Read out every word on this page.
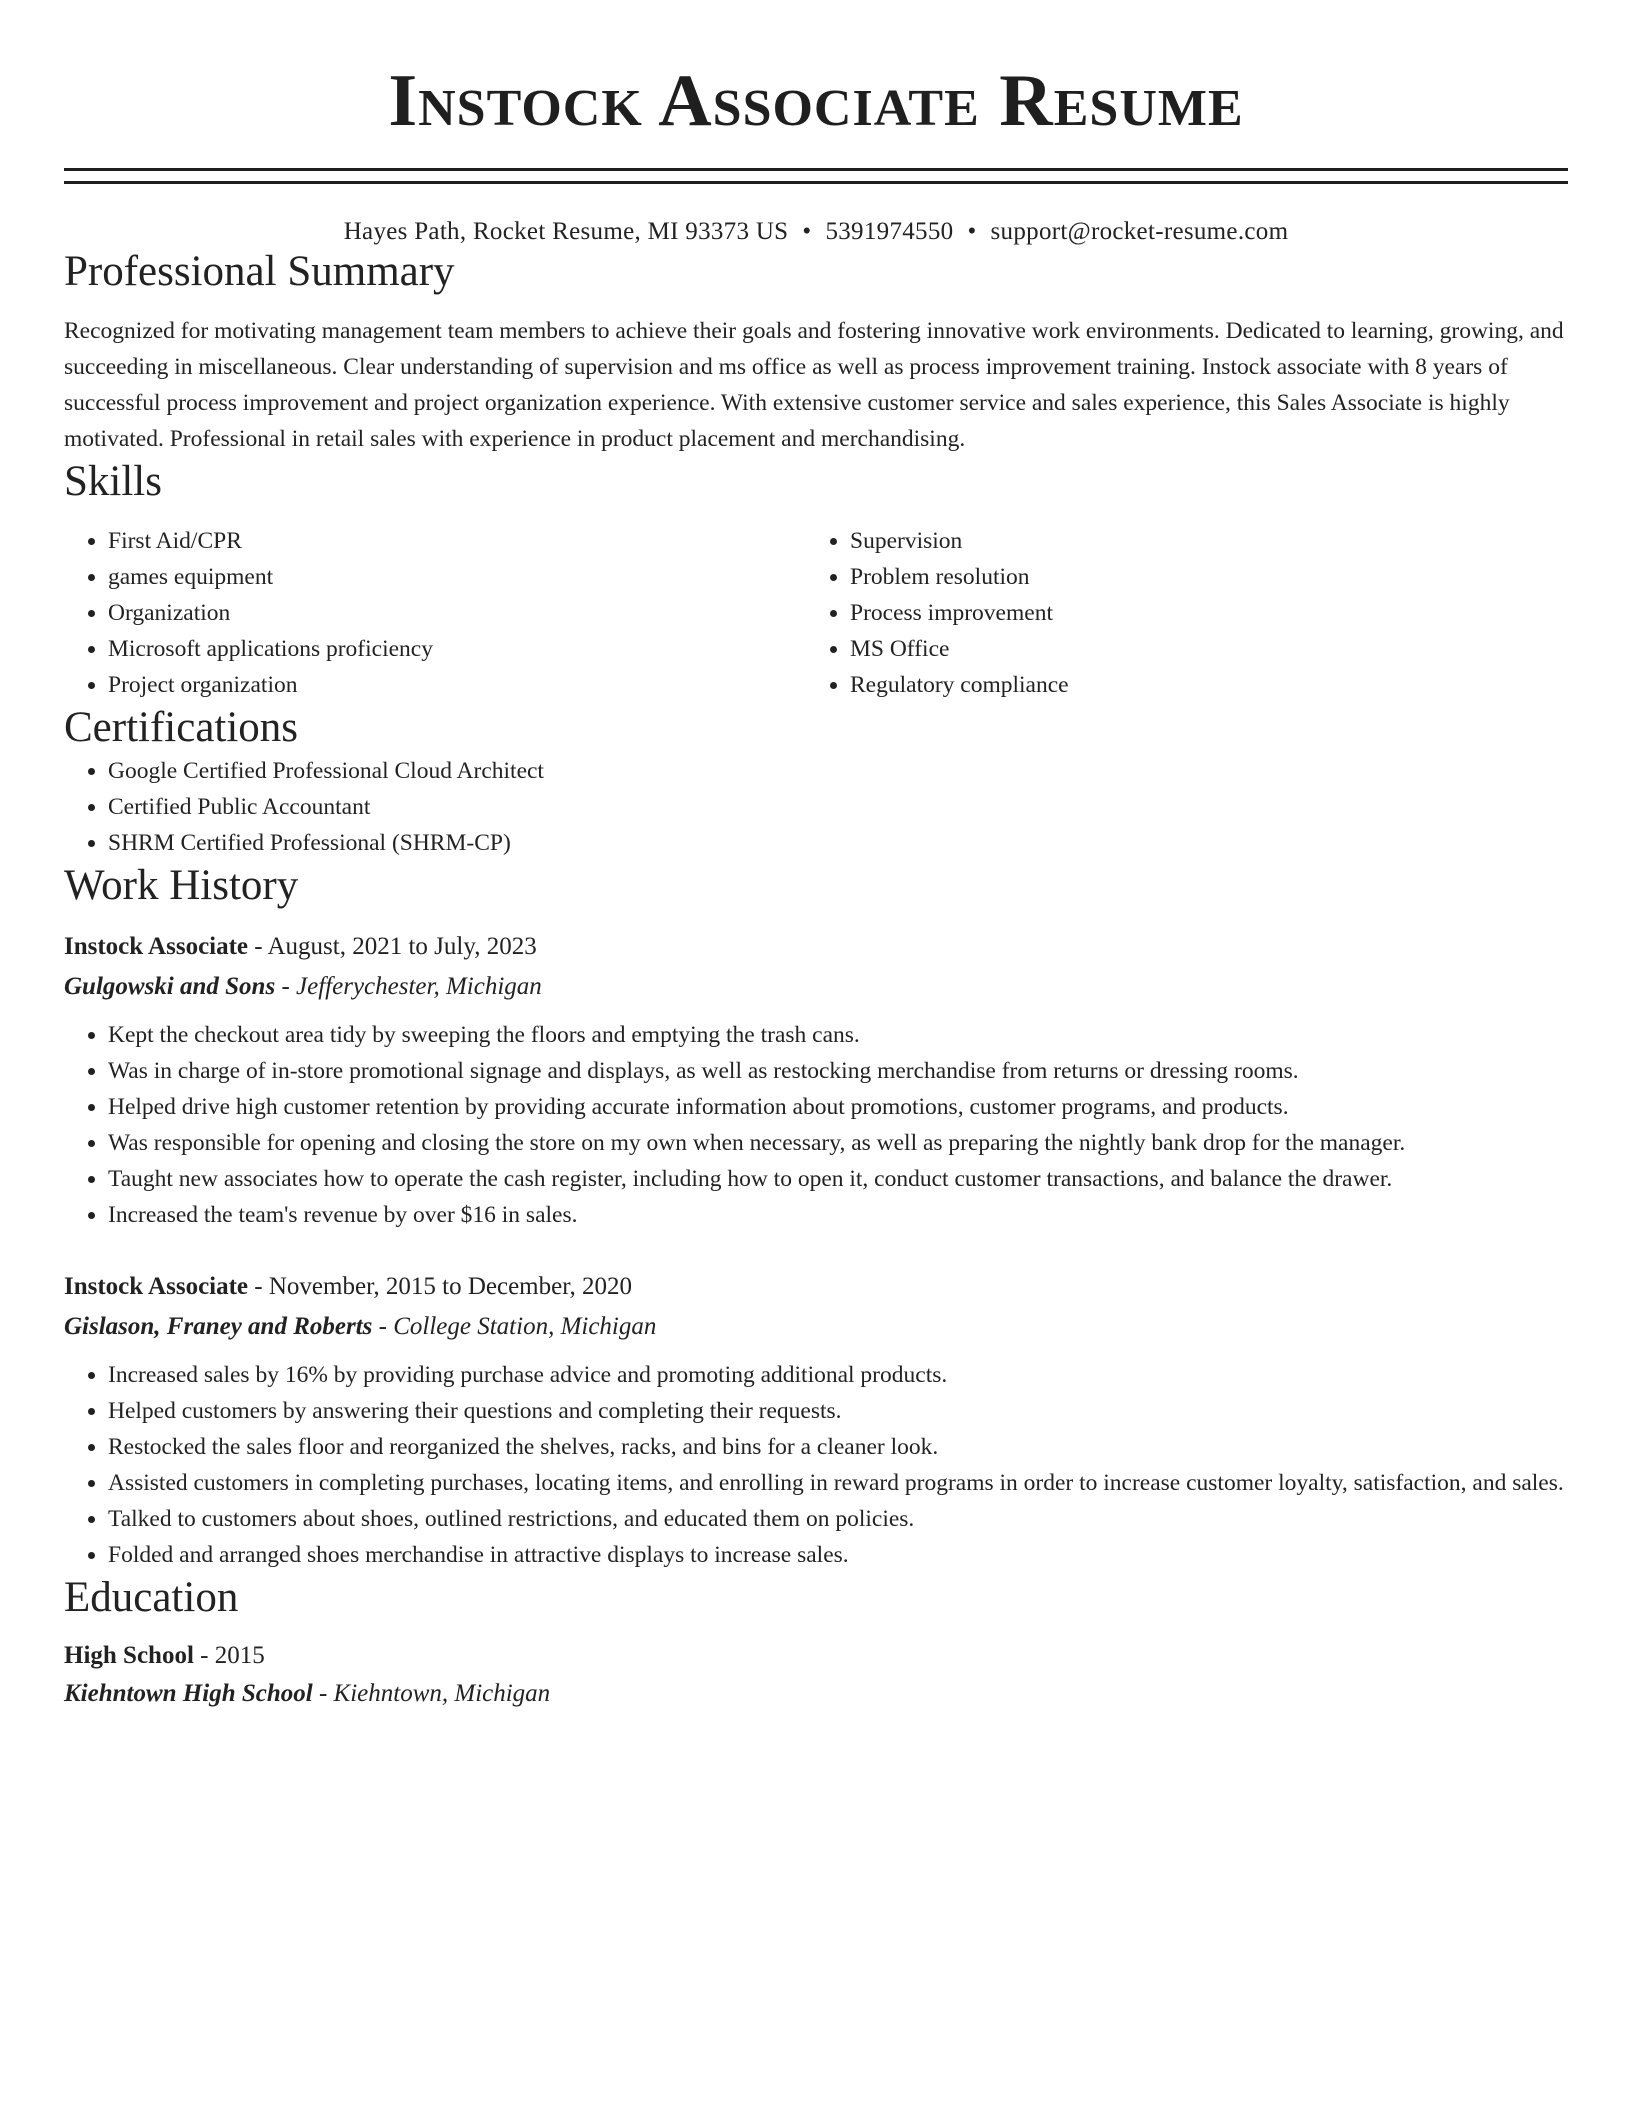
Instock Associate Resume
Hayes Path, Rocket Resume, MI 93373 US • 5391974550 • support@rocket-resume.com
Professional Summary

Recognized for motivating management team members to achieve their goals and fostering innovative work environments. Dedicated to learning, growing, and succeeding in miscellaneous. Clear understanding of supervision and ms office as well as process improvement training. Instock associate with 8 years of successful process improvement and project organization experience. With extensive customer service and sales experience, this Sales Associate is highly motivated. Professional in retail sales with experience in product placement and merchandising.

Skills
• First Aid/CPR
• games equipment
• Organization
• Microsoft applications proficiency
• Project organization
• Supervision
• Problem resolution
• Process improvement
• MS Office
• Regulatory compliance
Certifications
• Google Certified Professional Cloud Architect
• Certified Public Accountant
• SHRM Certified Professional (SHRM-CP)
Work History
Instock Associate - August, 2021 to July, 2023
Gulgowski and Sons - Jefferychester, Michigan
• Kept the checkout area tidy by sweeping the floors and emptying the trash cans.
• Was in charge of in-store promotional signage and displays, as well as restocking merchandise from returns or dressing rooms.
• Helped drive high customer retention by providing accurate information about promotions, customer programs, and products.
• Was responsible for opening and closing the store on my own when necessary, as well as preparing the nightly bank drop for the manager.
• Taught new associates how to operate the cash register, including how to open it, conduct customer transactions, and balance the drawer.
• Increased the team's revenue by over $16 in sales.
Instock Associate - November, 2015 to December, 2020
Gislason, Franey and Roberts - College Station, Michigan
• Increased sales by 16% by providing purchase advice and promoting additional products.
• Helped customers by answering their questions and completing their requests.
• Restocked the sales floor and reorganized the shelves, racks, and bins for a cleaner look.
• Assisted customers in completing purchases, locating items, and enrolling in reward programs in order to increase customer loyalty, satisfaction, and sales.
• Talked to customers about shoes, outlined restrictions, and educated them on policies.
• Folded and arranged shoes merchandise in attractive displays to increase sales.
Education
High School - 2015
Kiehntown High School - Kiehntown, Michigan
